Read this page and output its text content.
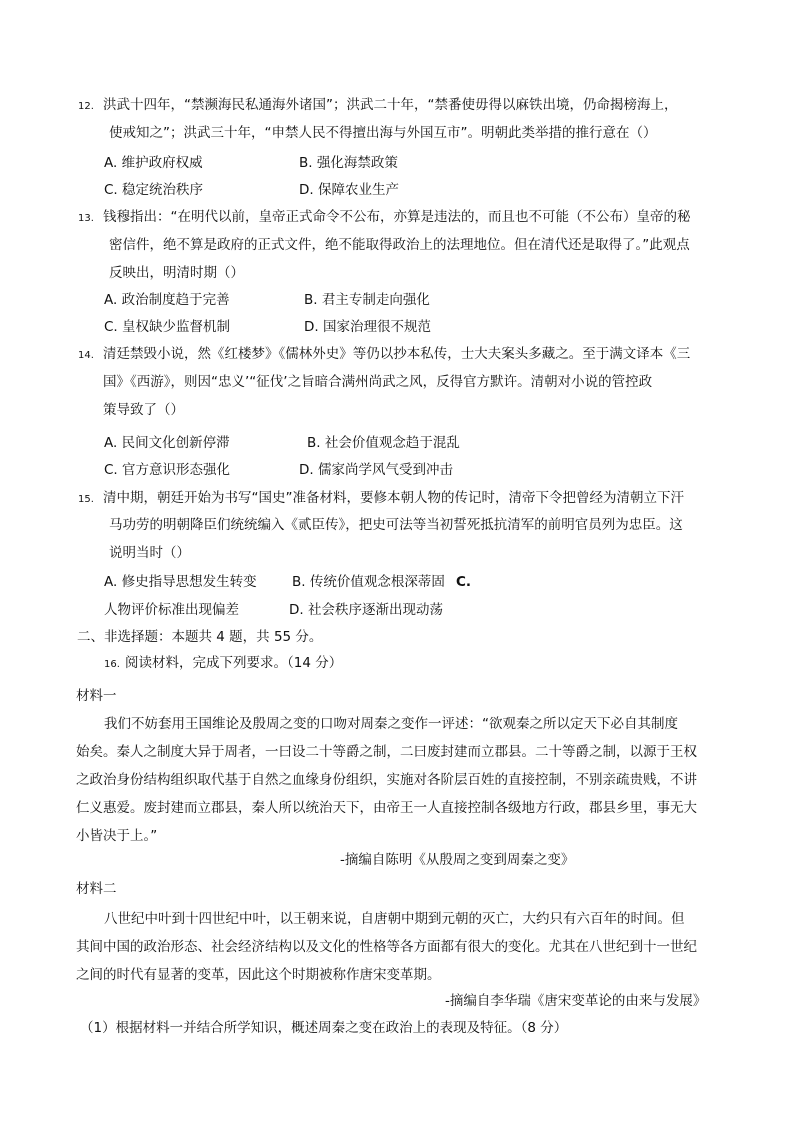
12. 洪武十四年，“禁濒海民私通海外诸国”；洪武二十年，“禁番使毋得以麻铁出境，仍命揭榜海上，
使戒知之”；洪武三十年，“申禁人民不得擅出海与外国互市”。明朝此类举措的推行意在（）
A. 维护政府权威	B. 强化海禁政策
C. 稳定统治秩序	D. 保障农业生产
13. 钱穆指出：“在明代以前，皇帝正式命令不公布，亦算是违法的，而且也不可能（不公布）皇帝的秘
密信件，绝不算是政府的正式文件，绝不能取得政治上的法理地位。但在清代还是取得了。”此观点
反映出，明清时期（）
A. 政治制度趋于完善	B. 君主专制走向强化
C. 皇权缺少监督机制	D. 国家治理很不规范
14. 清廷禁毁小说，然《红楼梦》《儒林外史》等仍以抄本私传，士大夫案头多藏之。至于满文译本《三
国》《西游》，则因“忠义’“征伐’之旨暗合满州尚武之风，反得官方默许。清朝对小说的管控政
策导致了（）
A. 民间文化创新停滞	B. 社会价值观念趋于混乱
C. 官方意识形态强化	D. 儒家尚学风气受到冲击
15. 清中期，朝廷开始为书写“国史”准备材料，要修本朝人物的传记时，清帝下令把曾经为清朝立下汗
马功劳的明朝降臣们统统编入《贰臣传》，把史可法等当初誓死抵抗清军的前明官员列为忠臣。这
说明当时（）
A. 修史指导思想发生转变	B. 传统价值观念根深蒂固 C.
人物评价标准出现偏差	D. 社会秩序逐渐出现动荡
二、非选择题：本题共 4 题，共 55 分。
16. 阅读材料，完成下列要求。（14 分）
材料一
我们不妨套用王国维论及殷周之变的口吻对周秦之变作一评述：“欲观秦之所以定天下必自其制度
始矣。秦人之制度大异于周者，一曰设二十等爵之制，二曰废封建而立郡县。二十等爵之制，以源于王权
之政治身份结构组织取代基于自然之血缘身份组织，实施对各阶层百姓的直接控制，不别亲疏贵贱，不讲
仁义惠爱。废封建而立郡县，秦人所以统治天下，由帝王一人直接控制各级地方行政，郡县乡里，事无大
小皆决于上。”
-摘编自陈明《从殷周之变到周秦之变》
材料二
八世纪中叶到十四世纪中叶，以王朝来说，自唐朝中期到元朝的灭亡，大约只有六百年的时间。但
其间中国的政治形态、社会经济结构以及文化的性格等各方面都有很大的变化。尤其在八世纪到十一世纪
之间的时代有显著的变革，因此这个时期被称作唐宋变革期。
-摘编自李华瑞《唐宋变革论的由来与发展》
（1）根据材料一并结合所学知识，概述周秦之变在政治上的表现及特征。（8 分）
